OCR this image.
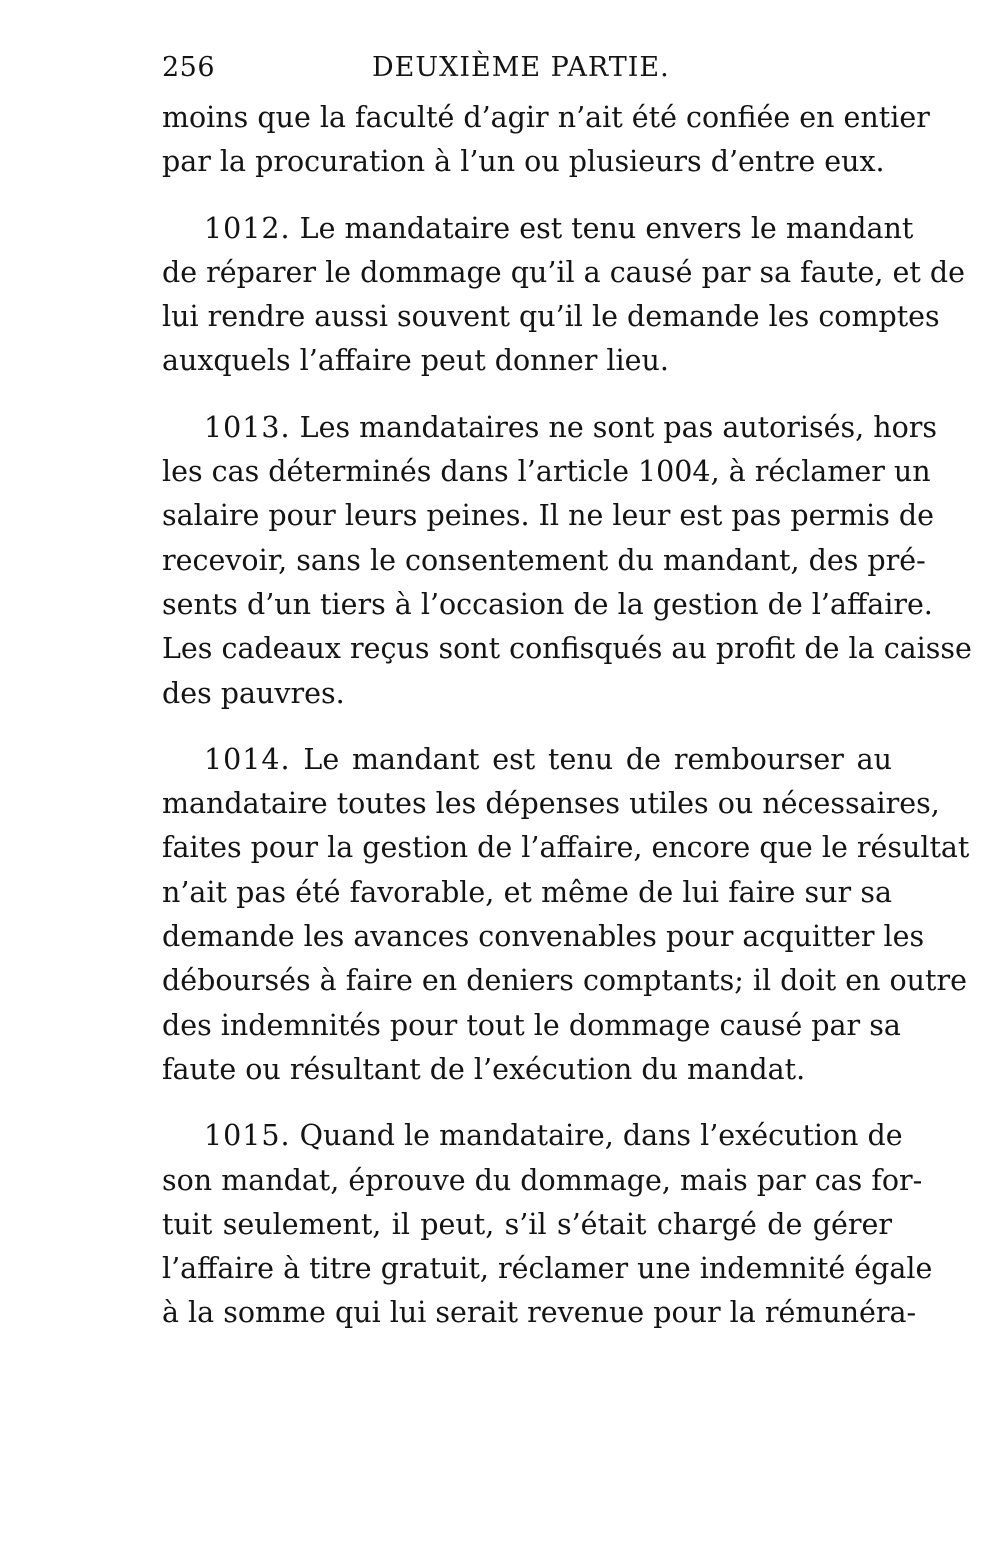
256	DEUXIÈME PARTIE.

moins que la faculté d’agir n’ait été confiée en entier
par la procuration à l’un ou plusieurs d’entre eux.

1012. Le mandataire est tenu envers le mandant
de réparer le dommage qu’il a causé par sa faute, et de
lui rendre aussi souvent qu’il le demande les comptes
auxquels l’affaire peut donner lieu.

1013. Les mandataires ne sont pas autorisés, hors
les cas déterminés dans l’article 1004, à réclamer un
salaire pour leurs peines. Il ne leur est pas permis de
recevoir, sans le consentement du mandant, des pré-
sents d’un tiers à l’occasion de la gestion de l’affaire.
Les cadeaux reçus sont confisqués au profit de la caisse
des pauvres.

1014. Le mandant est tenu de rembourser au
mandataire toutes les dépenses utiles ou nécessaires,
faites pour la gestion de l’affaire, encore que le résultat
n’ait pas été favorable, et même de lui faire sur sa
demande les avances convenables pour acquitter les
déboursés à faire en deniers comptants; il doit en outre
des indemnités pour tout le dommage causé par sa
faute ou résultant de l’exécution du mandat.

1015. Quand le mandataire, dans l’exécution de
son mandat, éprouve du dommage, mais par cas for-
tuit seulement, il peut, s’il s’était chargé de gérer
l’affaire à titre gratuit, réclamer une indemnité égale
à la somme qui lui serait revenue pour la rémunéra-
